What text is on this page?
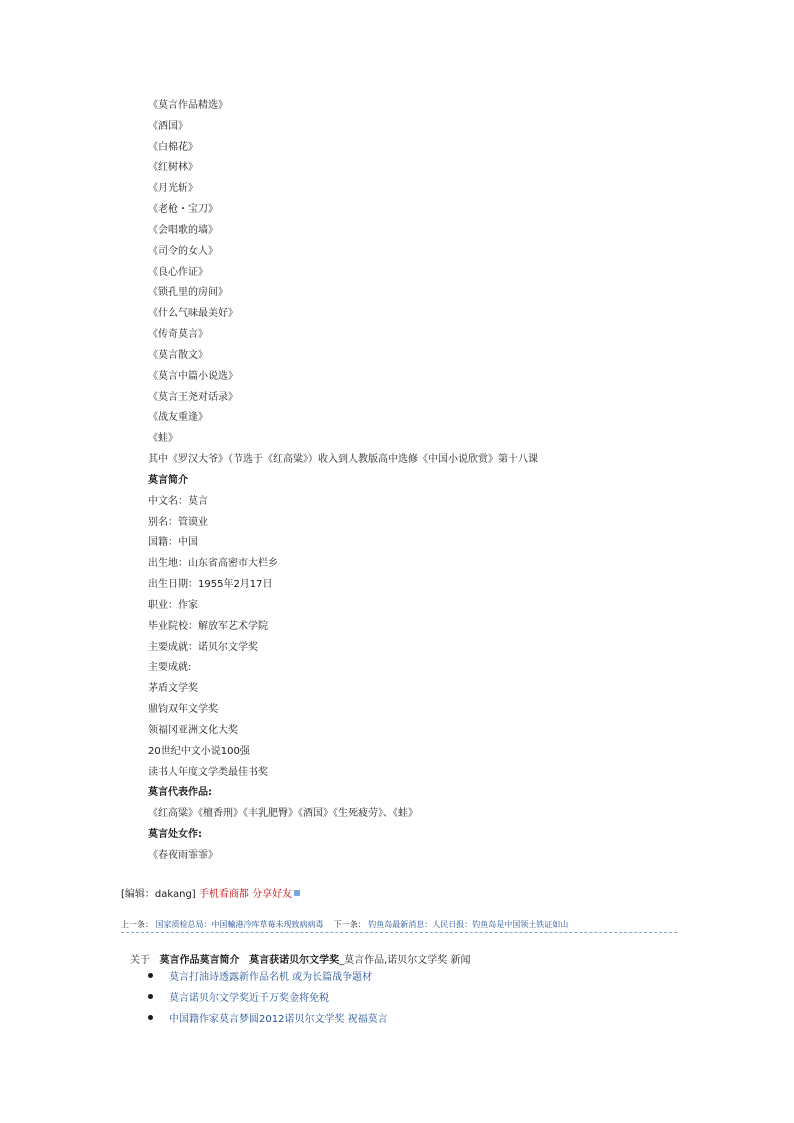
《莫言作品精选》
《酒国》
《白棉花》
《红树林》
《月光斩》
《老枪・宝刀》
《会唱歌的墙》
《司令的女人》
《良心作证》
《锁孔里的房间》
《什么气味最美好》
《传奇莫言》
《莫言散文》
《莫言中篇小说选》
《莫言王尧对话录》
《战友重逢》
《蛙》
其中《罗汉大爷》（节选于《红高粱》）收入到人教版高中选修《中国小说欣赏》第十八课
莫言简介
中文名：莫言
别名：管谟业
国籍：中国
出生地：山东省高密市大栏乡
出生日期：1955年2月17日
职业：作家
毕业院校：解放军艺术学院
主要成就：诺贝尔文学奖
主要成就:
茅盾文学奖
鼎钧双年文学奖
领福冈亚洲文化大奖
20世纪中文小说100强
读书人年度文学类最佳书奖
莫言代表作品:
《红高粱》《檀香刑》《丰乳肥臀》《酒国》《生死疲劳》、《蛙》
莫言处女作:
《春夜雨霏霏》
[编辑：dakang] 手机看商都 分享好友
上一条： 国家质检总局：中国輸港冷库草莓未现致病病毒 下一条： 钓鱼岛最新消息：人民日报：钓鱼岛是中国领土铁证如山
关于 莫言作品莫言简介 莫言获诺贝尔文学奖_莫言作品,诺贝尔文学奖 新闻
莫言打油诗透露新作品名机 或为长篇战争题材
莫言诺贝尔文学奖近千万奖金将免税
中国籍作家莫言梦圆2012诺贝尔文学奖 祝福莫言
